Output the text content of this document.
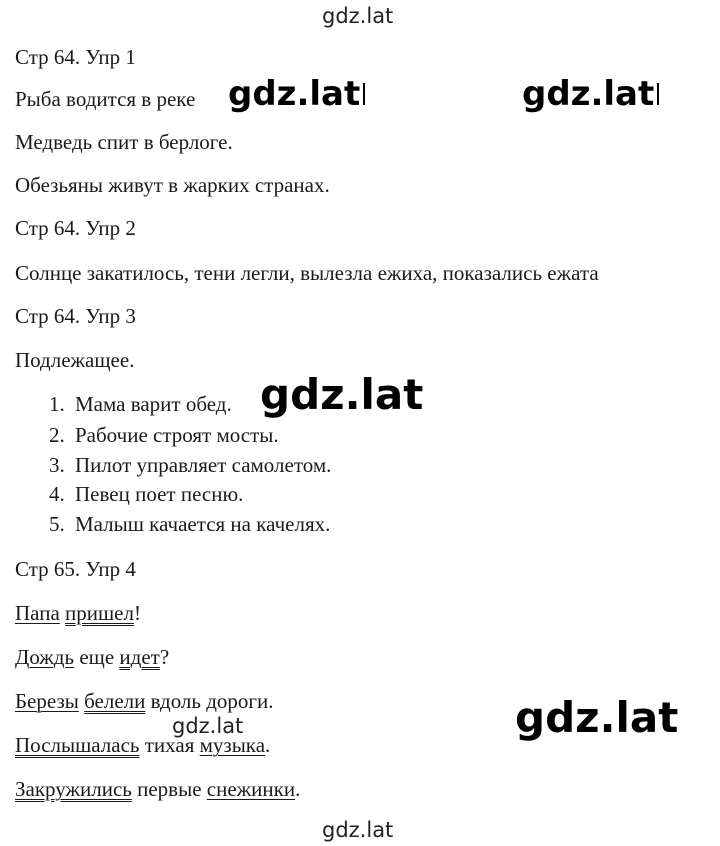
gdz.lat
Стр 64. Упр 1
Рыба водится в реке gdz.lat	gdz.lat
Медведь спит в берлоге.
Обезьяны живут в жарких странах.
Стр 64. Упр 2
Солнце закатилось, тени легли, вылезла ежиха, показались ежата
Стр 64. Упр 3
Подлежащее.
1. Мама варит обед. gdz.lat
2. Рабочие строят мосты.
3. Пилот управляет самолетом.
4. Певец поет песню.
5. Малыш качается на качелях.
Стр 65. Упр 4
Папа пришел!
Дождь еще идет?
Березы белели вдоль дороги.	gdz.lat
gdz.lat
Послышалась тихая музыка.
Закружились первые снежинки.
gdz.lat
